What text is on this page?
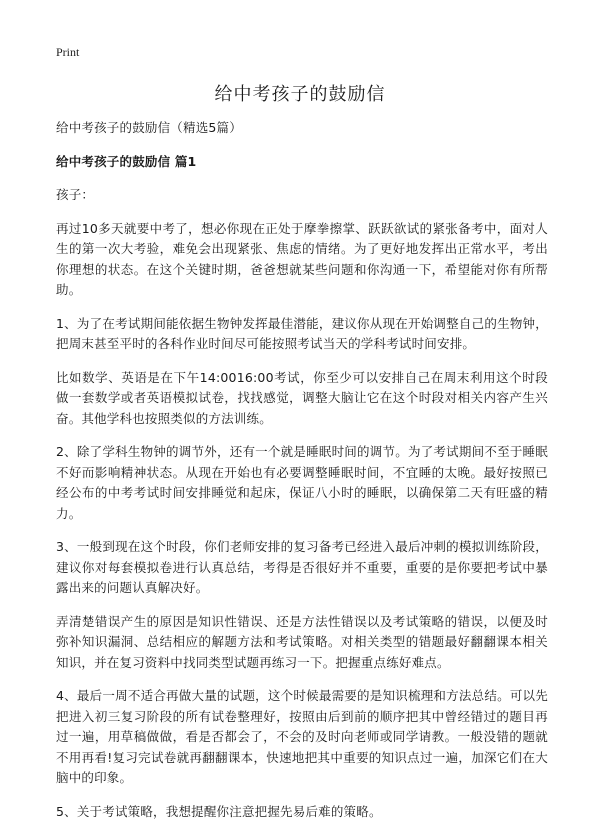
Print
给中考孩子的鼓励信

给中考孩子的鼓励信（精选5篇）

给中考孩子的鼓励信 篇1

孩子：

再过10多天就要中考了，想必你现在正处于摩拳擦掌、跃跃欲试的紧张备考中，面对人生的第一次大考验，难免会出现紧张、焦虑的情绪。为了更好地发挥出正常水平，考出你理想的状态。在这个关键时期，爸爸想就某些问题和你沟通一下，希望能对你有所帮助。

1、为了在考试期间能依据生物钟发挥最佳潜能，建议你从现在开始调整自己的生物钟，把周末甚至平时的各科作业时间尽可能按照考试当天的学科考试时间安排。

比如数学、英语是在下午14:0016:00考试，你至少可以安排自己在周末利用这个时段做一套数学或者英语模拟试卷，找找感觉，调整大脑让它在这个时段对相关内容产生兴奋。其他学科也按照类似的方法训练。

2、除了学科生物钟的调节外，还有一个就是睡眠时间的调节。为了考试期间不至于睡眠不好而影响精神状态。从现在开始也有必要调整睡眠时间，不宜睡的太晚。最好按照已经公布的中考考试时间安排睡觉和起床，保证八小时的睡眠，以确保第二天有旺盛的精力。

3、一般到现在这个时段，你们老师安排的复习备考已经进入最后冲刺的模拟训练阶段，建议你对每套模拟卷进行认真总结，考得是否很好并不重要，重要的是你要把考试中暴露出来的问题认真解决好。

弄清楚错误产生的原因是知识性错误、还是方法性错误以及考试策略的错误，以便及时弥补知识漏洞、总结相应的解题方法和考试策略。对相关类型的错题最好翻翻课本相关知识，并在复习资料中找同类型试题再练习一下。把握重点练好难点。

4、最后一周不适合再做大量的试题，这个时候最需要的是知识梳理和方法总结。可以先把进入初三复习阶段的所有试卷整理好，按照由后到前的顺序把其中曾经错过的题目再过一遍，用草稿做做，看是否都会了，不会的及时向老师或同学请教。一般没错的题就不用再看!复习完试卷就再翻翻课本，快速地把其中重要的知识点过一遍，加深它们在大脑中的印象。

5、关于考试策略，我想提醒你注意把握先易后难的策略。
